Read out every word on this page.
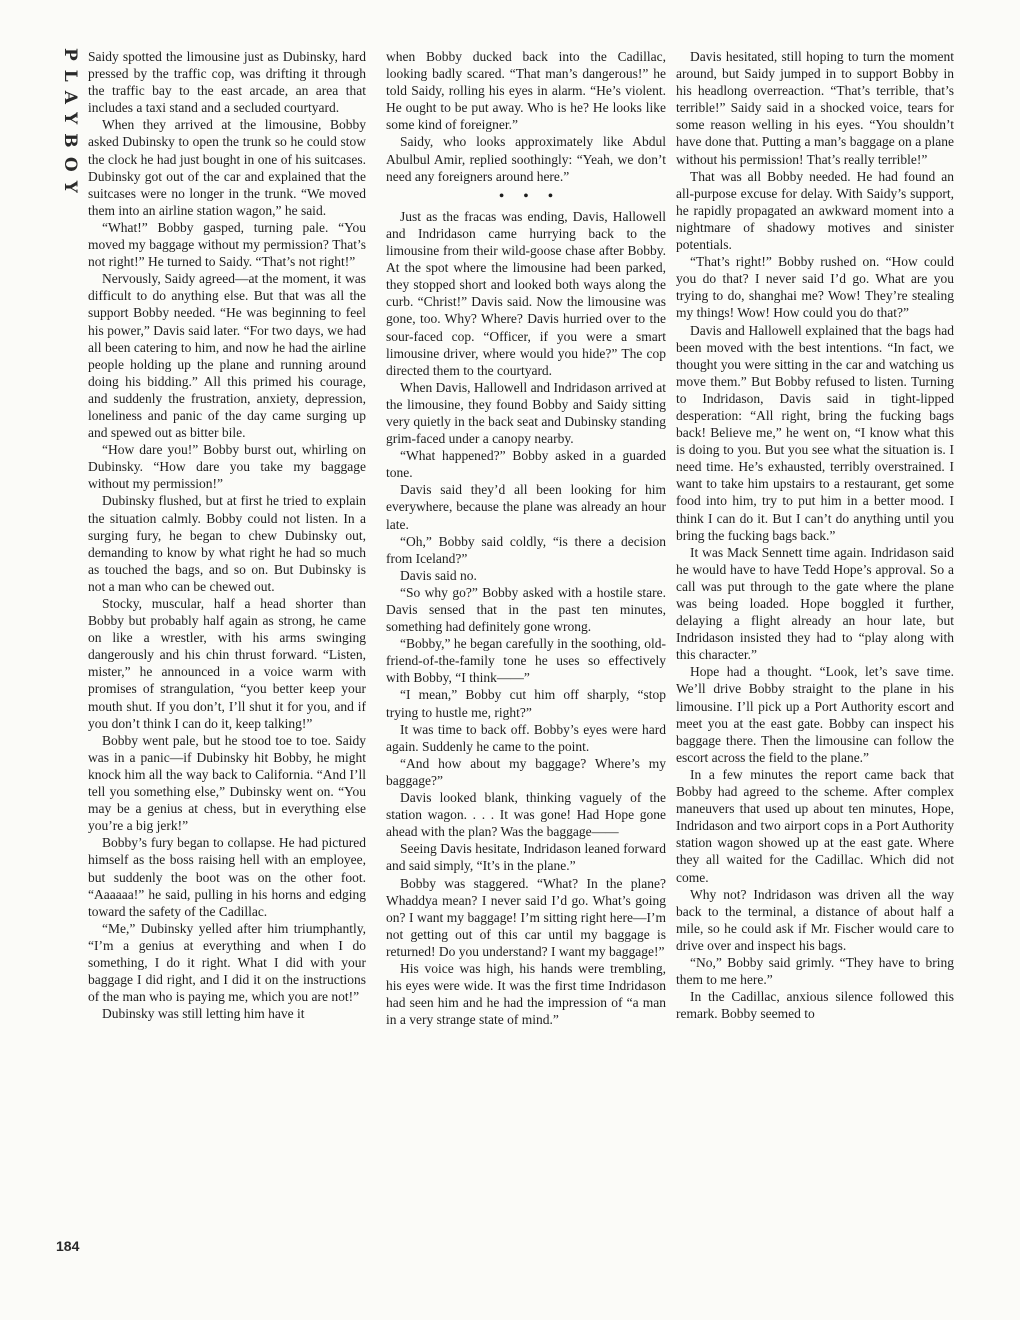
PLAYBOY
184

Saidy spotted the limousine just as Dubinsky, hard pressed by the traffic cop, was drifting it through the traffic bay to the east arcade, an area that includes a taxi stand and a secluded courtyard.

When they arrived at the limousine, Bobby asked Dubinsky to open the trunk so he could stow the clock he had just bought in one of his suitcases. Dubinsky got out of the car and explained that the suitcases were no longer in the trunk. “We moved them into an airline station wagon,” he said.

“What!” Bobby gasped, turning pale. “You moved my baggage without my permission? That’s not right!” He turned to Saidy. “That’s not right!”

Nervously, Saidy agreed—at the moment, it was difficult to do anything else. But that was all the support Bobby needed. “He was beginning to feel his power,” Davis said later. “For two days, we had all been catering to him, and now he had the airline people holding up the plane and running around doing his bidding.” All this primed his courage, and suddenly the frustration, anxiety, depression, loneliness and panic of the day came surging up and spewed out as bitter bile.

“How dare you!” Bobby burst out, whirling on Dubinsky. “How dare you take my baggage without my permission!”

Dubinsky flushed, but at first he tried to explain the situation calmly. Bobby could not listen. In a surging fury, he began to chew Dubinsky out, demanding to know by what right he had so much as touched the bags, and so on. But Dubinsky is not a man who can be chewed out.

Stocky, muscular, half a head shorter than Bobby but probably half again as strong, he came on like a wrestler, with his arms swinging dangerously and his chin thrust forward. “Listen, mister,” he announced in a voice warm with promises of strangulation, “you better keep your mouth shut. If you don’t, I’ll shut it for you, and if you don’t think I can do it, keep talking!”

Bobby went pale, but he stood toe to toe. Saidy was in a panic—if Dubinsky hit Bobby, he might knock him all the way back to California. “And I’ll tell you something else,” Dubinsky went on. “You may be a genius at chess, but in everything else you’re a big jerk!”

Bobby’s fury began to collapse. He had pictured himself as the boss raising hell with an employee, but suddenly the boot was on the other foot. “Aaaaaa!” he said, pulling in his horns and edging toward the safety of the Cadillac.

“Me,” Dubinsky yelled after him triumphantly, “I’m a genius at everything and when I do something, I do it right. What I did with your baggage I did right, and I did it on the instructions of the man who is paying me, which you are not!”

Dubinsky was still letting him have it

when Bobby ducked back into the Cadillac, looking badly scared. “That man’s dangerous!” he told Saidy, rolling his eyes in alarm. “He’s violent. He ought to be put away. Who is he? He looks like some kind of foreigner.”

Saidy, who looks approximately like Abdul Abulbul Amir, replied soothingly: “Yeah, we don’t need any foreigners around here.”

• • •

Just as the fracas was ending, Davis, Hallowell and Indridason came hurrying back to the limousine from their wild-goose chase after Bobby. At the spot where the limousine had been parked, they stopped short and looked both ways along the curb. “Christ!” Davis said. Now the limousine was gone, too. Why? Where? Davis hurried over to the sour-faced cop. “Officer, if you were a smart limousine driver, where would you hide?” The cop directed them to the courtyard.

When Davis, Hallowell and Indridason arrived at the limousine, they found Bobby and Saidy sitting very quietly in the back seat and Dubinsky standing grim-faced under a canopy nearby.

“What happened?” Bobby asked in a guarded tone.

Davis said they’d all been looking for him everywhere, because the plane was already an hour late.

“Oh,” Bobby said coldly, “is there a decision from Iceland?”

Davis said no.

“So why go?” Bobby asked with a hostile stare. Davis sensed that in the past ten minutes, something had definitely gone wrong.

“Bobby,” he began carefully in the soothing, old-friend-of-the-family tone he uses so effectively with Bobby, “I think——”

“I mean,” Bobby cut him off sharply, “stop trying to hustle me, right?”

It was time to back off. Bobby’s eyes were hard again. Suddenly he came to the point.

“And how about my baggage? Where’s my baggage?”

Davis looked blank, thinking vaguely of the station wagon. . . . It was gone! Had Hope gone ahead with the plan? Was the baggage——

Seeing Davis hesitate, Indridason leaned forward and said simply, “It’s in the plane.”

Bobby was staggered. “What? In the plane? Whaddya mean? I never said I’d go. What’s going on? I want my baggage! I’m sitting right here—I’m not getting out of this car until my baggage is returned! Do you understand? I want my baggage!”

His voice was high, his hands were trembling, his eyes were wide. It was the first time Indridason had seen him and he had the impression of “a man in a very strange state of mind.”

Davis hesitated, still hoping to turn the moment around, but Saidy jumped in to support Bobby in his headlong overreaction. “That’s terrible, that’s terrible!” Saidy said in a shocked voice, tears for some reason welling in his eyes. “You shouldn’t have done that. Putting a man’s baggage on a plane without his permission! That’s really terrible!”

That was all Bobby needed. He had found an all-purpose excuse for delay. With Saidy’s support, he rapidly propagated an awkward moment into a nightmare of shadowy motives and sinister potentials.

“That’s right!” Bobby rushed on. “How could you do that? I never said I’d go. What are you trying to do, shanghai me? Wow! They’re stealing my things! Wow! How could you do that?”

Davis and Hallowell explained that the bags had been moved with the best intentions. “In fact, we thought you were sitting in the car and watching us move them.” But Bobby refused to listen. Turning to Indridason, Davis said in tight-lipped desperation: “All right, bring the fucking bags back! Believe me,” he went on, “I know what this is doing to you. But you see what the situation is. I need time. He’s exhausted, terribly overstrained. I want to take him upstairs to a restaurant, get some food into him, try to put him in a better mood. I think I can do it. But I can’t do anything until you bring the fucking bags back.”

It was Mack Sennett time again. Indridason said he would have to have Tedd Hope’s approval. So a call was put through to the gate where the plane was being loaded. Hope boggled it further, delaying a flight already an hour late, but Indridason insisted they had to “play along with this character.”

Hope had a thought. “Look, let’s save time. We’ll drive Bobby straight to the plane in his limousine. I’ll pick up a Port Authority escort and meet you at the east gate. Bobby can inspect his baggage there. Then the limousine can follow the escort across the field to the plane.”

In a few minutes the report came back that Bobby had agreed to the scheme. After complex maneuvers that used up about ten minutes, Hope, Indridason and two airport cops in a Port Authority station wagon showed up at the east gate. Where they all waited for the Cadillac. Which did not come.

Why not? Indridason was driven all the way back to the terminal, a distance of about half a mile, so he could ask if Mr. Fischer would care to drive over and inspect his bags.

“No,” Bobby said grimly. “They have to bring them to me here.”

In the Cadillac, anxious silence followed this remark. Bobby seemed to
